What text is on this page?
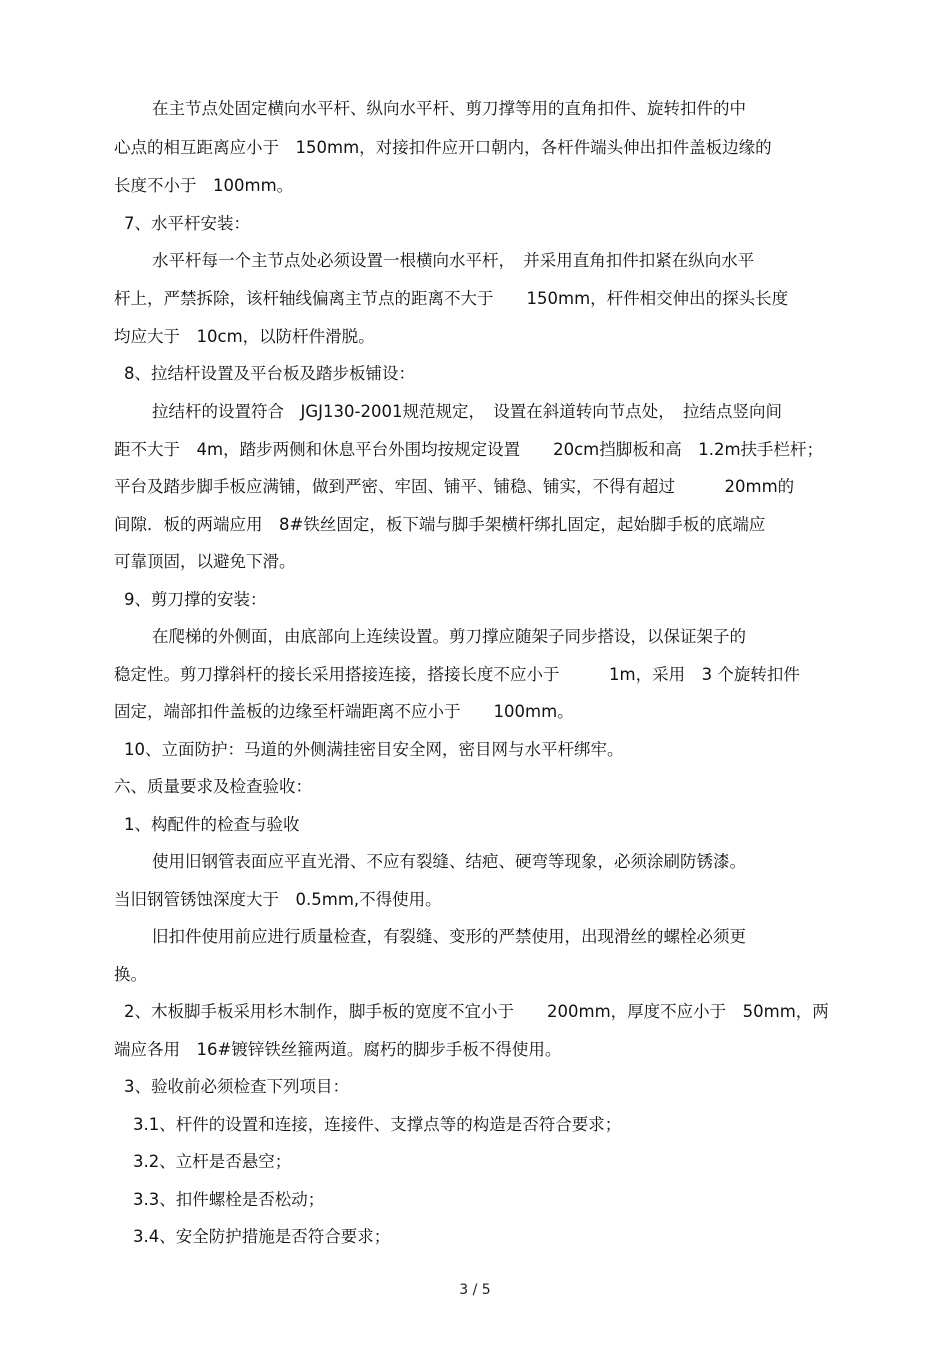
在主节点处固定横向水平杆、纵向水平杆、剪刀撑等用的直角扣件、旋转扣件的中
心点的相互距离应小于　150mm，对接扣件应开口朝内，各杆件端头伸出扣件盖板边缘的
长度不小于　100mm。
7、水平杆安装：
水平杆每一个主节点处必须设置一根横向水平杆，　并采用直角扣件扣紧在纵向水平
杆上，严禁拆除，该杆轴线偏离主节点的距离不大于　　150mm，杆件相交伸出的探头长度
均应大于　10cm，以防杆件滑脱。
8、拉结杆设置及平台板及踏步板铺设：
拉结杆的设置符合　JGJ130-2001规范规定，　设置在斜道转向节点处，　拉结点竖向间
距不大于　4m，踏步两侧和休息平台外围均按规定设置　　20cm挡脚板和高　1.2m扶手栏杆；
平台及踏步脚手板应满铺，做到严密、牢固、铺平、铺稳、铺实，不得有超过　　　20mm的
间隙．板的两端应用　8#铁丝固定，板下端与脚手架横杆绑扎固定，起始脚手板的底端应
可靠顶固，以避免下滑。
9、剪刀撑的安装：
在爬梯的外侧面，由底部向上连续设置。剪刀撑应随架子同步搭设，以保证架子的
稳定性。剪刀撑斜杆的接长采用搭接连接，搭接长度不应小于　　　1m，采用　3 个旋转扣件
固定，端部扣件盖板的边缘至杆端距离不应小于　　100mm。
10、立面防护：马道的外侧满挂密目安全网，密目网与水平杆绑牢。
六、质量要求及检查验收：
1、构配件的检查与验收
使用旧钢管表面应平直光滑、不应有裂缝、结疤、硬弯等现象，必须涂刷防锈漆。
当旧钢管锈蚀深度大于　0.5mm,不得使用。
旧扣件使用前应进行质量检查，有裂缝、变形的严禁使用，出现滑丝的螺栓必须更
换。
2、木板脚手板采用杉木制作，脚手板的宽度不宜小于　　200mm，厚度不应小于　50mm，两
端应各用　16#镀锌铁丝箍两道。腐朽的脚步手板不得使用。
3、验收前必须检查下列项目：
3.1、杆件的设置和连接，连接件、支撑点等的构造是否符合要求；
3.2、立杆是否悬空；
3.3、扣件螺栓是否松动；
3.4、安全防护措施是否符合要求；
3 / 5
